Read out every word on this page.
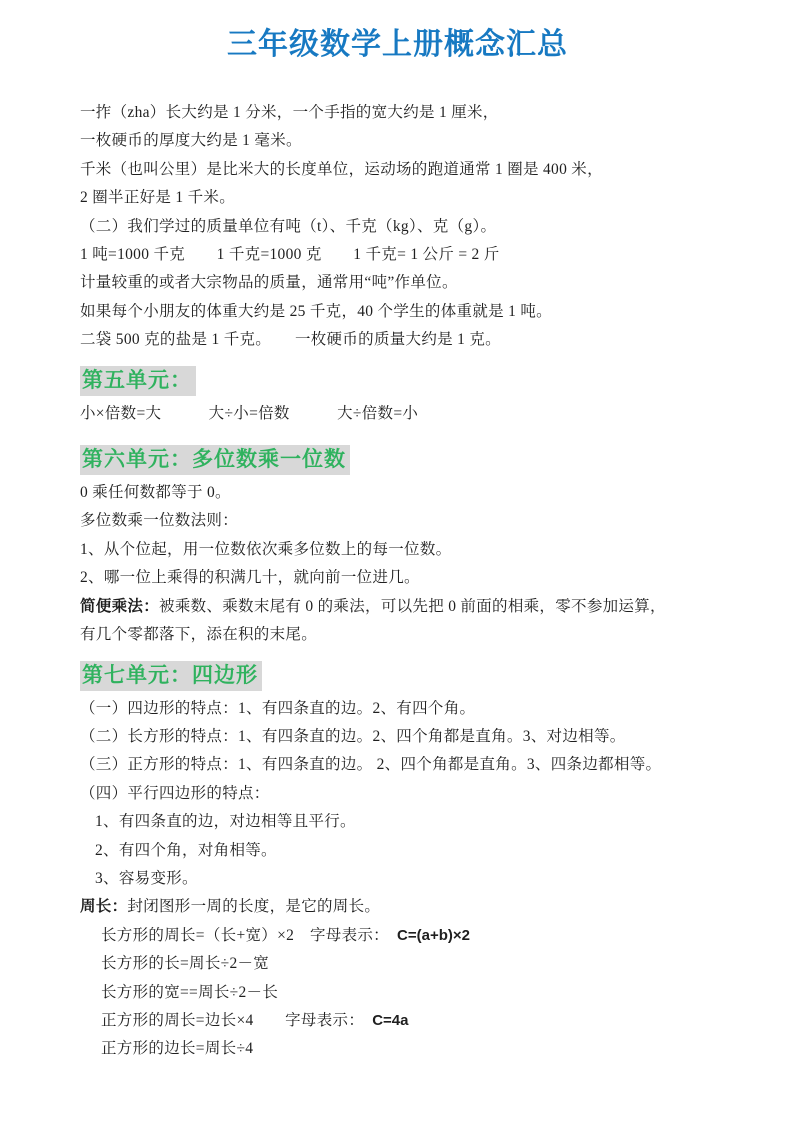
三年级数学上册概念汇总

一拃（zha）长大约是 1 分米，一个手指的宽大约是 1 厘米，

一枚硬币的厚度大约是 1 毫米。

千米（也叫公里）是比米大的长度单位，运动场的跑道通常 1 圈是 400 米，

2 圈半正好是 1 千米。

（二）我们学过的质量单位有吨（t）、千克（kg）、克（g）。

1 吨=1000 千克　　1 千克=1000 克　　1 千克= 1 公斤 = 2 斤

计量较重的或者大宗物品的质量，通常用“吨”作单位。

如果每个小朋友的体重大约是 25 千克，40 个学生的体重就是 1 吨。

二袋 500 克的盐是 1 千克。　　一枚硬币的质量大约是 1 克。

第五单元：

小×倍数=大　　　大÷小=倍数　　　大÷倍数=小

第六单元：多位数乘一位数

0 乘任何数都等于 0。

多位数乘一位数法则：

1、从个位起，用一位数依次乘多位数上的每一位数。

2、哪一位上乘得的积满几十，就向前一位进几。

简便乘法：被乘数、乘数末尾有 0 的乘法，可以先把 0 前面的相乘，零不参加运算，

有几个零都落下，添在积的末尾。

第七单元：四边形

（一）四边形的特点：1、有四条直的边。2、有四个角。

（二）长方形的特点：1、有四条直的边。2、四个角都是直角。3、对边相等。

（三）正方形的特点：1、有四条直的边。 2、四个角都是直角。3、四条边都相等。

（四）平行四边形的特点：

1、有四条直的边，对边相等且平行。

2、有四个角，对角相等。

3、容易变形。

周长：封闭图形一周的长度，是它的周长。

长方形的周长=（长+宽）×2　字母表示：　C=(a+b)×2

长方形的长=周长÷2－宽

长方形的宽==周长÷2－长

正方形的周长=边长×4　　字母表示：　C=4a

正方形的边长=周长÷4
